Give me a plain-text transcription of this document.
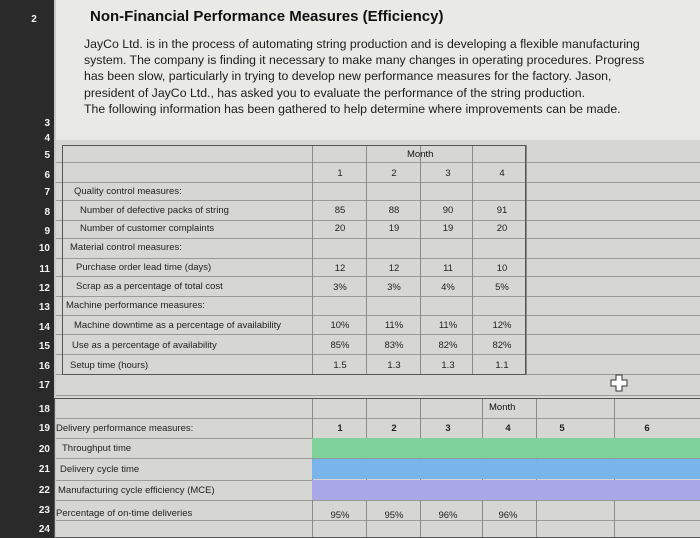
2
3
4
5
6
7
8
9
10
11
12
13
14
15
16
17
18
19
20
21
22
23
24
Non-Financial Performance Measures (Efficiency)
JayCo Ltd. is in the process of automating string production and is developing a flexible manufacturing
system. The company is finding it necessary to make many changes in operating procedures. Progress
has been slow, particularly in trying to develop new performance measures for the factory. Jason,
president of JayCo Ltd., has asked you to evaluate the performance of the string production.
The following information has been gathered to help determine where improvements can be made.
Month
1	2	3	4
Quality control measures:
Number of defective packs of string	85	88	90	91
Number of customer complaints	20	19	19	20
Material control measures:
Purchase order lead time (days)	12	12	11	10
Scrap as a percentage of total cost	3%	3%	4%	5%
Machine performance measures:
Machine downtime as a percentage of availability	10%	11%	11%	12%
Use as a percentage of availability	85%	83%	82%	82%
Setup time (hours)	1.5	1.3	1.3	1.1
Month
1	2	3	4	5	6
Delivery performance measures:
Throughput time
Delivery cycle time
Manufacturing cycle efficiency (MCE)
Percentage of on-time deliveries	95%	95%	96%	96%
